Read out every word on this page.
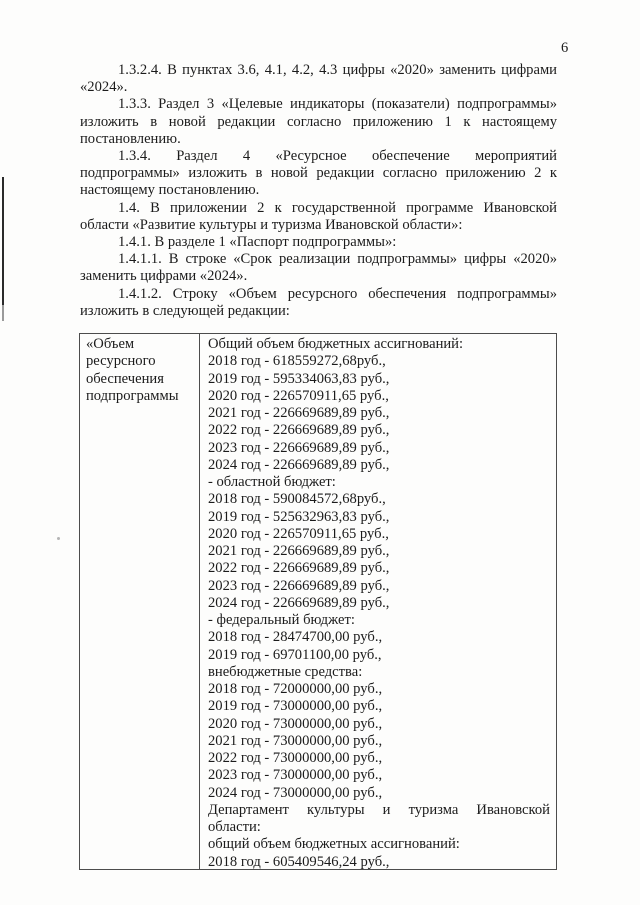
6
1.3.2.4. В пунктах 3.6, 4.1, 4.2, 4.3 цифры «2020» заменить цифрами
«2024».
1.3.3. Раздел 3 «Целевые индикаторы (показатели) подпрограммы»
изложить в новой редакции согласно приложению 1 к настоящему
постановлению.
1.3.4. Раздел 4 «Ресурсное обеспечение мероприятий
подпрограммы» изложить в новой редакции согласно приложению 2 к
настоящему постановлению.
1.4. В приложении 2 к государственной программе Ивановской
области «Развитие культуры и туризма Ивановской области»:
1.4.1. В разделе 1 «Паспорт подпрограммы»:
1.4.1.1. В строке «Срок реализации подпрограммы» цифры «2020»
заменить цифрами «2024».
1.4.1.2. Строку «Объем ресурсного обеспечения подпрограммы»
изложить в следующей редакции:
«Объем ресурсного обеспечения подпрограммы
Общий объем бюджетных ассигнований:
2018 год - 618559272,68руб.,
2019 год - 595334063,83 руб.,
2020 год - 226570911,65 руб.,
2021 год - 226669689,89 руб.,
2022 год - 226669689,89 руб.,
2023 год - 226669689,89 руб.,
2024 год - 226669689,89 руб.,
- областной бюджет:
2018 год - 590084572,68руб.,
2019 год - 525632963,83 руб.,
2020 год - 226570911,65 руб.,
2021 год - 226669689,89 руб.,
2022 год - 226669689,89 руб.,
2023 год - 226669689,89 руб.,
2024 год - 226669689,89 руб.,
- федеральный бюджет:
2018 год - 28474700,00 руб.,
2019 год - 69701100,00 руб.,
внебюджетные средства:
2018 год - 72000000,00 руб.,
2019 год - 73000000,00 руб.,
2020 год - 73000000,00 руб.,
2021 год - 73000000,00 руб.,
2022 год - 73000000,00 руб.,
2023 год - 73000000,00 руб.,
2024 год - 73000000,00 руб.,
Департамент культуры и туризма Ивановской
области:
общий объем бюджетных ассигнований:
2018 год - 605409546,24 руб.,
